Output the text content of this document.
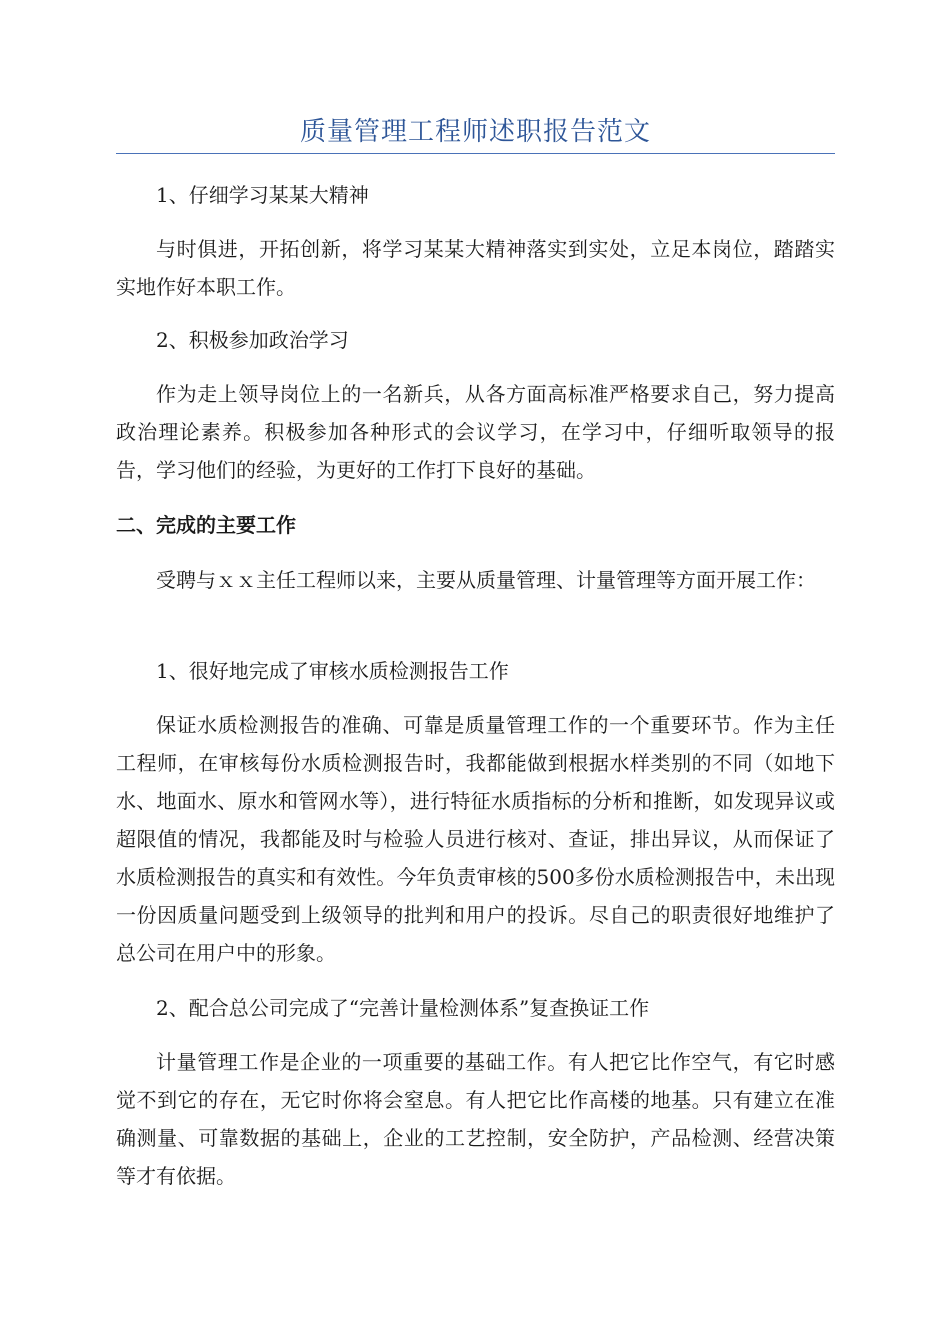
质量管理工程师述职报告范文

1、仔细学习某某大精神

与时俱进，开拓创新，将学习某某大精神落实到实处，立足本岗位，踏踏实实地作好本职工作。

2、积极参加政治学习

作为走上领导岗位上的一名新兵，从各方面高标准严格要求自己，努力提高政治理论素养。积极参加各种形式的会议学习，在学习中，仔细听取领导的报告，学习他们的经验，为更好的工作打下良好的基础。

二、完成的主要工作

受聘与ｘｘ主任工程师以来，主要从质量管理、计量管理等方面开展工作：

1、很好地完成了审核水质检测报告工作

保证水质检测报告的准确、可靠是质量管理工作的一个重要环节。作为主任工程师，在审核每份水质检测报告时，我都能做到根据水样类别的不同（如地下水、地面水、原水和管网水等），进行特征水质指标的分析和推断，如发现异议或超限值的情况，我都能及时与检验人员进行核对、查证，排出异议，从而保证了水质检测报告的真实和有效性。今年负责审核的500多份水质检测报告中，未出现一份因质量问题受到上级领导的批判和用户的投诉。尽自己的职责很好地维护了总公司在用户中的形象。

2、配合总公司完成了“完善计量检测体系”复查换证工作

计量管理工作是企业的一项重要的基础工作。有人把它比作空气，有它时感觉不到它的存在，无它时你将会窒息。有人把它比作高楼的地基。只有建立在准确测量、可靠数据的基础上，企业的工艺控制，安全防护，产品检测、经营决策等才有依据。
